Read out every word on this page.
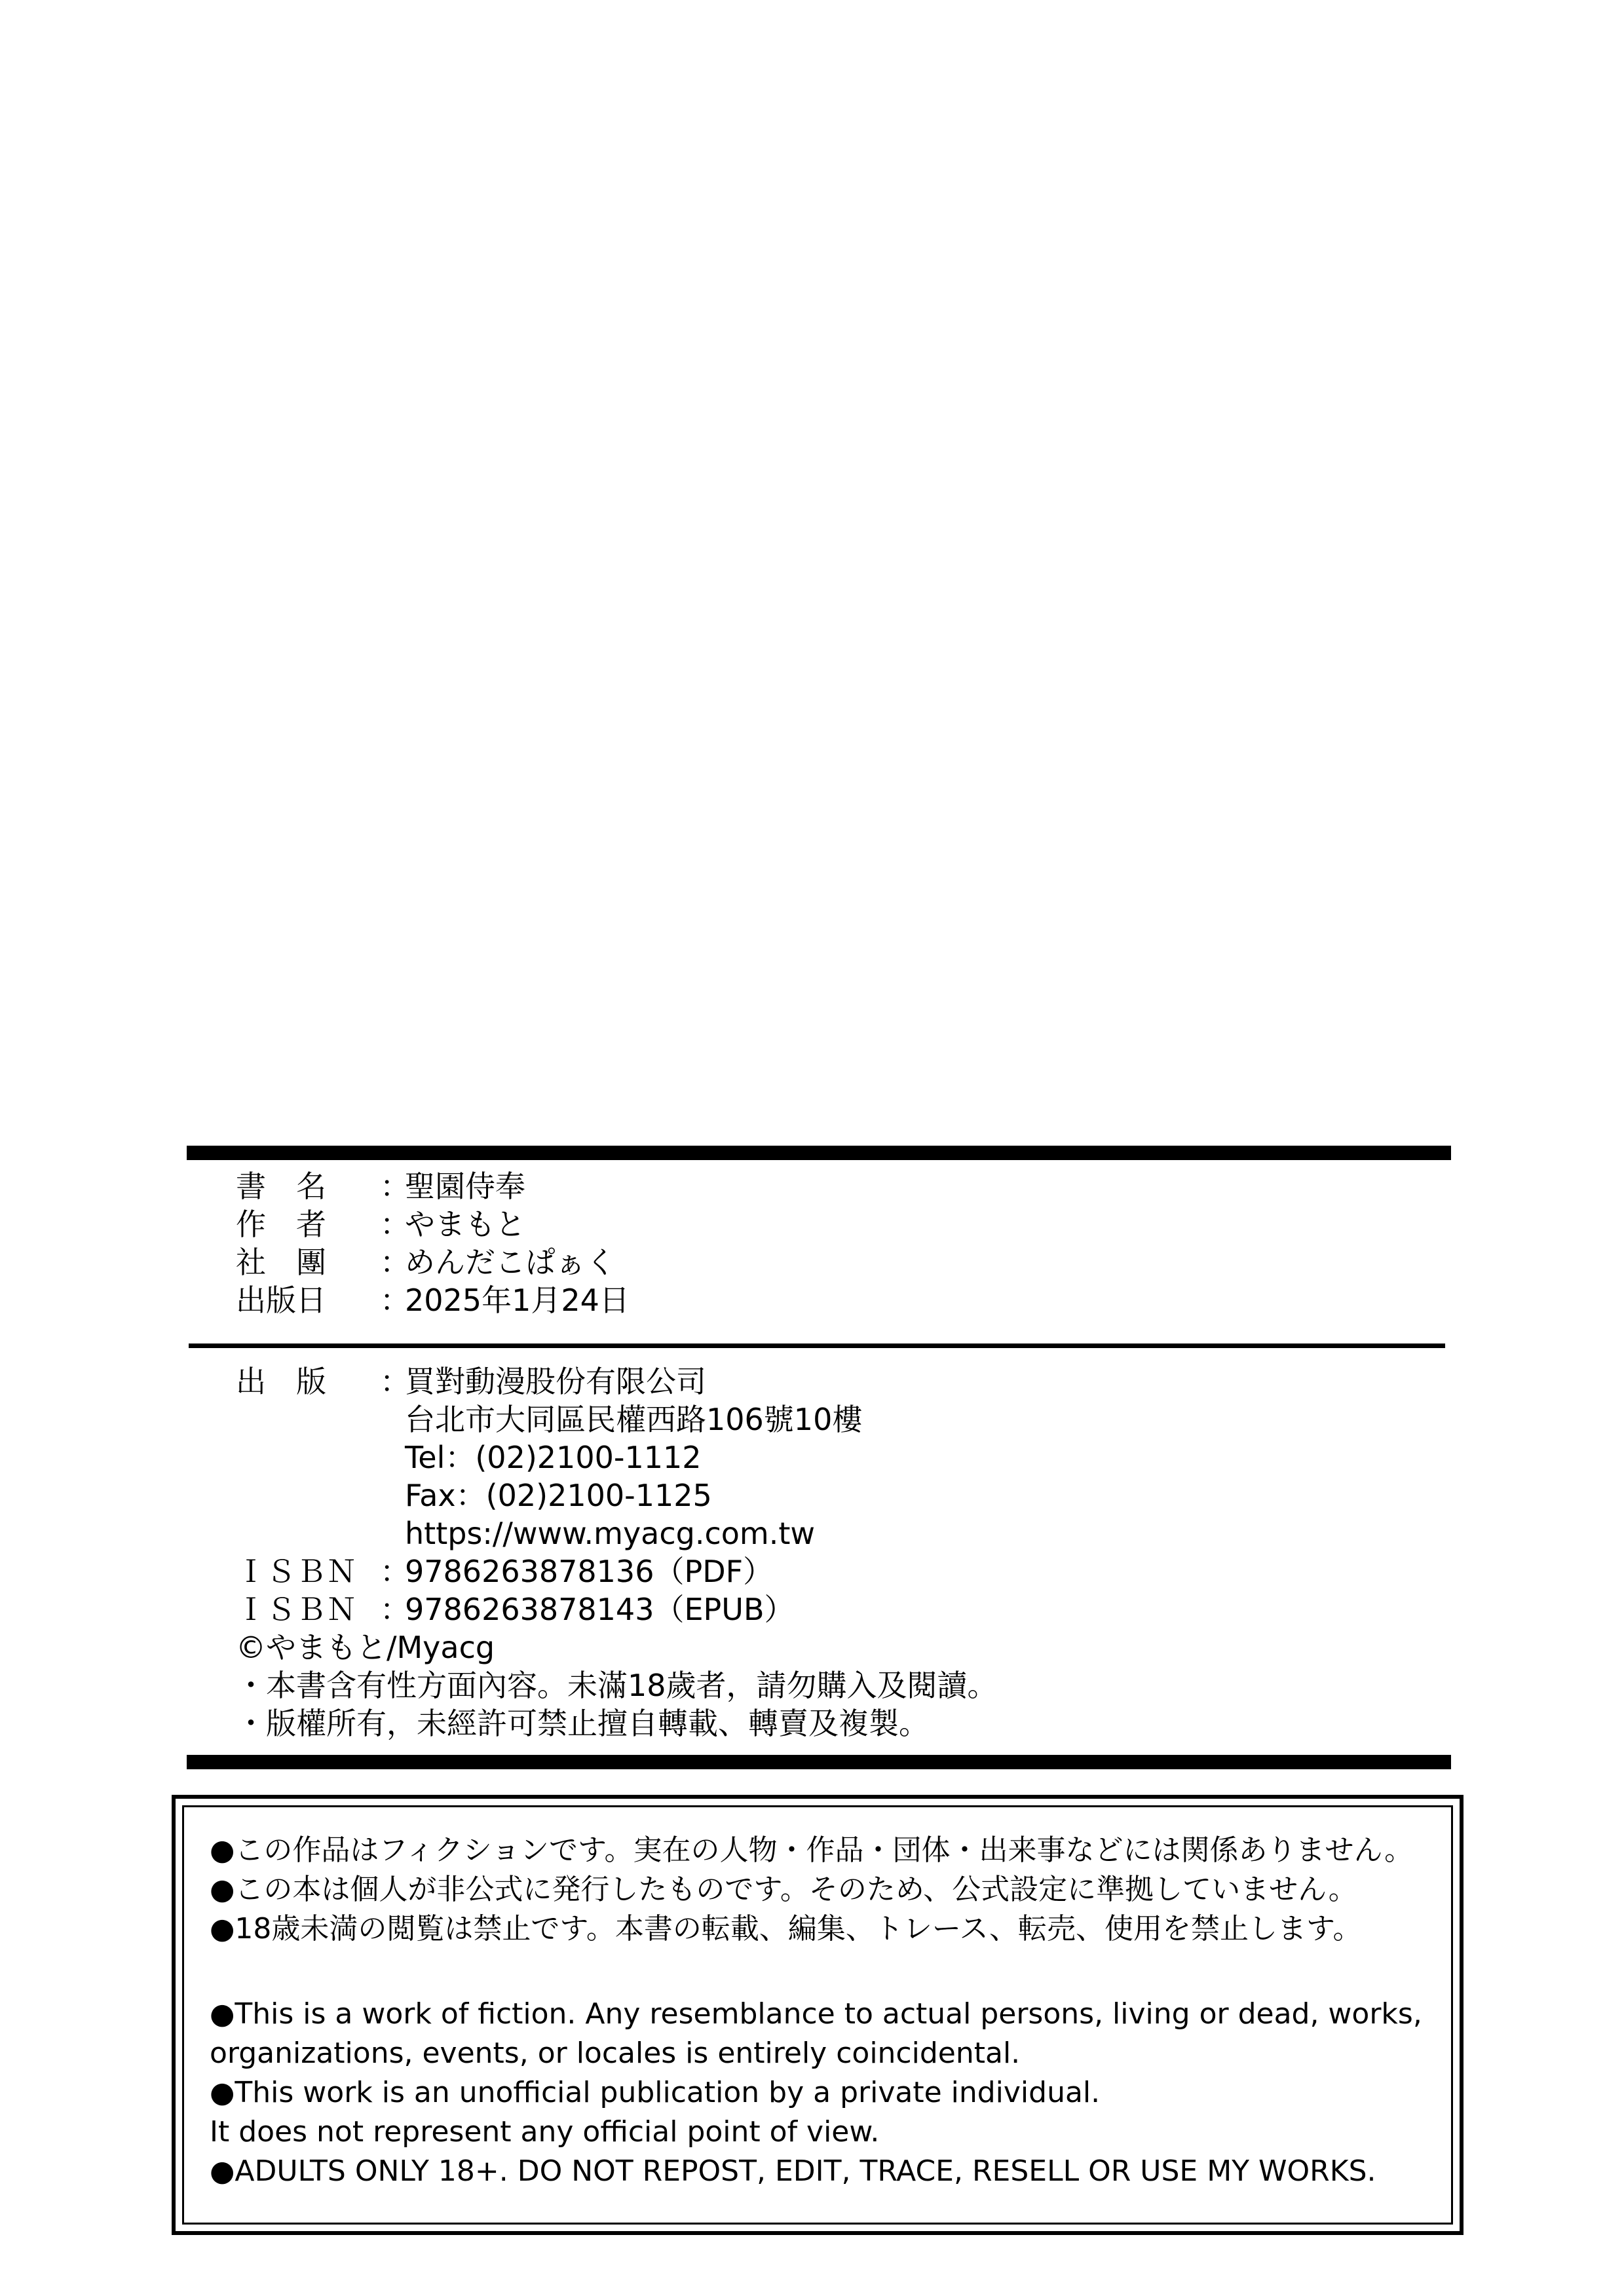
書　名	：
聖園侍奉
作　者	：
やまもと
社　團	：
めんだこぱぁく
出版日	：
2025年1月24日
出　版	：
買對動漫股份有限公司
台北市大同區民權西路106號10樓
Tel：(02)2100-1112
Fax：(02)2100-1125
https://www.myacg.com.tw
ＩＳＢＮ ：
9786263878136（PDF）
ＩＳＢＮ ：
9786263878143（EPUB）
©やまもと/Myacg
・本書含有性方面內容。未滿18歲者，請勿購入及閱讀。
・版權所有，未經許可禁止擅自轉載、轉賣及複製。
●この作品はフィクションです。実在の人物・作品・団体・出来事などには関係ありません。
●この本は個人が非公式に発行したものです。そのため、公式設定に準拠していません。
●18歳未満の閲覧は禁止です。本書の転載、編集、トレース、転売、使用を禁止します。
●This is a work of fiction. Any resemblance to actual persons, living or dead, works,
organizations, events, or locales is entirely coincidental.
●This work is an unofficial publication by a private individual.
It does not represent any official point of view.
●ADULTS ONLY 18+. DO NOT REPOST, EDIT, TRACE, RESELL OR USE MY WORKS.
